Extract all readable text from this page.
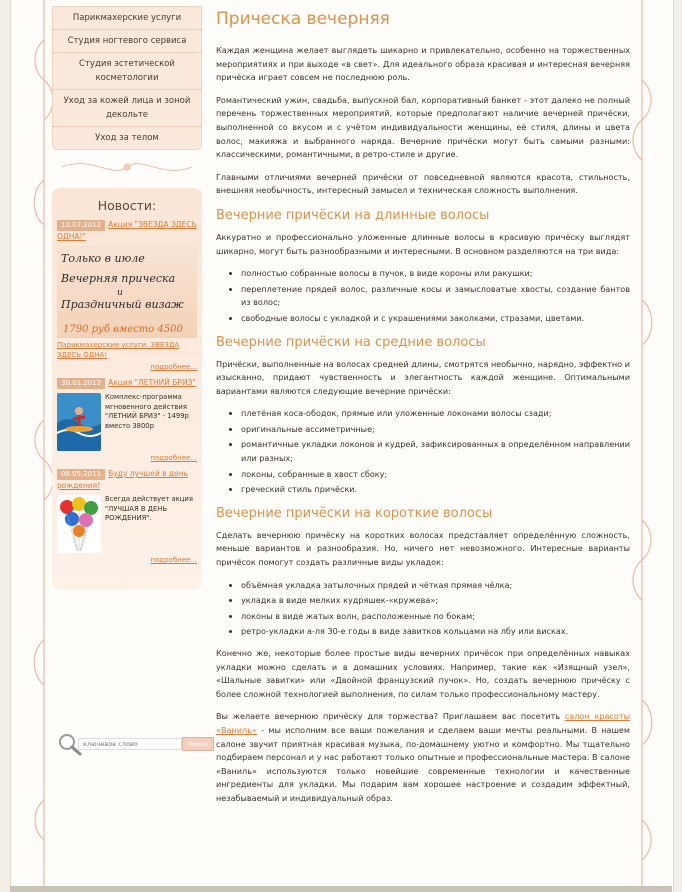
Парикмахерские услуги
Студия ногтевого сервиса
Студия эстетической косметологии
Уход за кожей лица и зоной декольте
Уход за телом
Новости:
10.07.2012 Акция "ЗВЕЗДА ЗДЕСЬ ОДНА!"
Только в июле
Вечерняя прическа
и
Праздничный визаж
1790 руб вместо 4500
Парикмахерские услуги. ЗВЕЗДА ЗДЕСЬ ОДНА!
подробнее...
30.01.2012 Акция "ЛЕТНИЙ БРИЗ"
Комплекс-программа мгновенного действия "ЛЕТНИЙ БРИЗ" - 1499р вместо 3800р
подробнее...
08.05.2011 Буду лучшей в день рождения!
Всегда действует акция "ЛУЧШАЯ В ДЕНЬ РОЖДЕНИЯ".
подробнее...
ключевое слово
поиск
Прическа вечерняя

Каждая женщина желает выглядеть шикарно и привлекательно, особенно на торжественных мероприятиях и при выходе «в свет». Для идеального образа красивая и интересная вечерняя причёска играет совсем не последнюю роль.

Романтический ужин, свадьба, выпускной бал, корпоративный банкет - этот далеко не полный перечень торжественных мероприятий, которые предполагают наличие вечерней причёски, выполненной со вкусом и с учётом индивидуальности женщины, её стиля, длины и цвета волос, макияжа и выбранного наряда. Вечерние причёски могут быть самыми разными: классическими, романтичными, в ретро-стиле и другие.

Главными отличиями вечерней причёски от повседневной являются красота, стильность, внешняя необычность, интересный замысел и техническая сложность выполнения.

Вечерние причёски на длинные волосы

Аккуратно и профессионально уложенные длинные волосы в красивую причёску выглядят шикарно, могут быть разнообразными и интересными. В основном разделяются на три вида:

• полностью собранные волосы в пучок, в виде короны или ракушки;
• переплетение прядей волос, различные косы и замысловатые хвосты, создание бантов из волос;
• свободные волосы с укладкой и с украшениями заколками, стразами, цветами.
Вечерние причёски на средние волосы

Причёски, выполненные на волосах средней длины, смотрятся необычно, нарядно, эффектно и изысканно, придают чувственность и элегантность каждой женщине. Оптимальными вариантами являются следующие вечерние причёски:

• плетёная коса-ободок, прямые или уложенные локонами волосы сзади;
• оригинальные ассиметричные;
• романтичные укладки локонов и кудрей, зафиксированных в определённом направлении или разных;
• локоны, собранные в хвост сбоку;
• греческий стиль причёски.
Вечерние причёски на короткие волосы

Сделать вечернюю причёску на коротких волосах представляет определённую сложность, меньше вариантов и разнообразия. Но, ничего нет невозможного. Интересные варианты причёсок помогут создать различные виды укладок:

• объёмная укладка затылочных прядей и чёткая прямая чёлка;
• укладка в виде мелких кудряшек-«кружева»;
• локоны в виде жатых волн, расположенные по бокам;
• ретро-укладки а-ля 30-е годы в виде завитков кольцами на лбу или висках.

Конечно же, некоторые более простые виды вечерних причёсок при определённых навыках укладки можно сделать и в домашних условиях. Например, такие как «Изящный узел», «Шальные завитки» или «Двойной французский пучок». Но, создать вечернюю причёску с более сложной технологией выполнения, по силам только профессиональному мастеру.

Вы желаете вечернюю причёску для торжества? Приглашаем вас посетить салон красоты «Ваниль» - мы исполним все ваши пожелания и сделаем ваши мечты реальными. В нашем салоне звучит приятная красивая музыка, по-домашнему уютно и комфортно. Мы тщательно подбираем персонал и у нас работают только опытные и профессиональные мастера. В салоне «Ваниль» используются только новейшие современные технологии и качественные ингредиенты для укладки. Мы подарим вам хорошее настроение и создадим эффектный, незабываемый и индивидуальный образ.
